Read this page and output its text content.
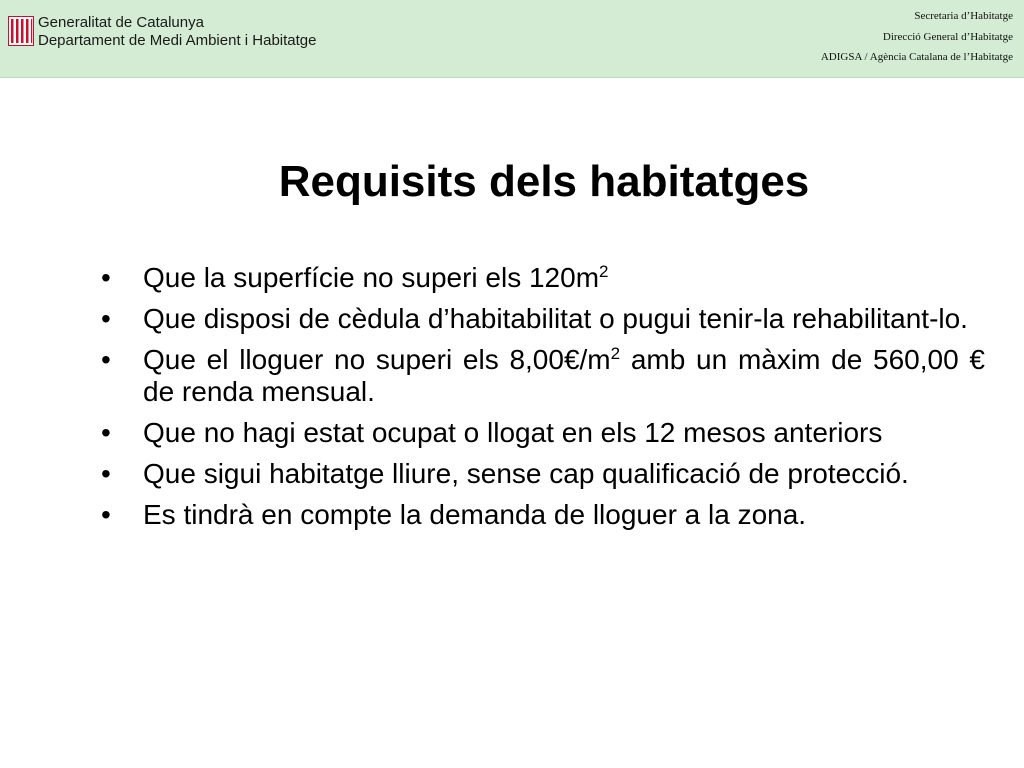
Generalitat de Catalunya
Departament de Medi Ambient i Habitatge
Secretaria d’Habitatge
Direcció General d’Habitatge
ADIGSA / Agència Catalana de l’Habitatge
Requisits dels habitatges
• Que la superfície no superi els $120m^2$
• Que disposi de cèdula d’habitabilitat o pugui tenir-la rehabilitant-lo.
• Que el lloguer no superi els $8,00€/m^2$ amb un màxim de 560,00 € de renda mensual.
• Que no hagi estat ocupat o llogat en els 12 mesos anteriors
• Que sigui habitatge lliure, sense cap qualificació de protecció.
• Es tindrà en compte la demanda de lloguer a la zona.
